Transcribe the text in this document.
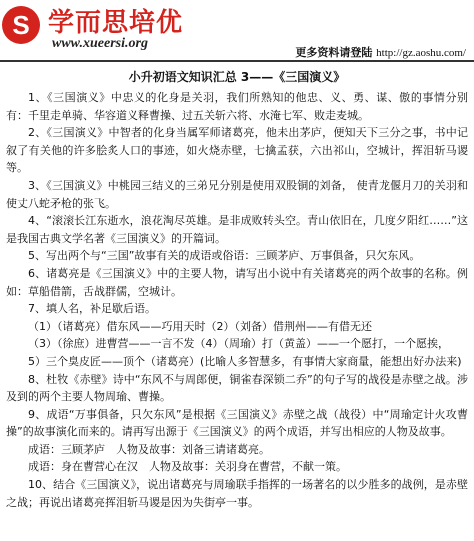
S 学而思培优
www.xueersi.org
更多资料请登陆 http://gz.aoshu.com/
小升初语文知识汇总 3——《三国演义》

1、《三国演义》中忠义的化身是关羽，我们所熟知的他忠、义、勇、谋、傲的事情分别有：千里走单骑、华容道义释曹操、过五关斩六将、水淹七军、败走麦城。

2、《三国演义》中智者的化身当属军师诸葛亮，他未出茅庐，便知天下三分之事，书中记叙了有关他的许多脍炙人口的事迹，如火烧赤壁，七擒孟获，六出祁山，空城计，挥泪斩马谡等。

3、《三国演义》中桃园三结义的三弟兄分别是使用双股铜的刘备， 使青龙偃月刀的关羽和使丈八蛇矛枪的张飞。

4、“滚滚长江东逝水，浪花淘尽英雄。是非成败转头空。青山依旧在，几度夕阳红……”这是我国古典文学名著《三国演义》的开篇词。

5、写出两个与“三国”故事有关的成语或俗语：三顾茅庐、万事俱备，只欠东风。

6、诸葛亮是《三国演义》中的主要人物，请写出小说中有关诸葛亮的两个故事的名称。例如：草船借箭，舌战群儒，空城计。

7、填人名，补足歇后语。

（1）（诸葛亮）借东风——巧用天时（2）（刘备）借荆州——有借无还

（3）（徐庶）进曹营——一言不发（4）（周瑜）打（黄盖）——一个愿打，一个愿挨，

5）三个臭皮匠——顶个（诸葛亮）(比喻人多智慧多，有事情大家商量，能想出好办法来)

8、杜牧《赤壁》诗中“东风不与周郎便，铜雀春深锁二乔”的句子写的战役是赤壁之战。涉及到的两个主要人物周瑜、曹操。

9、成语“万事俱备，只欠东风”是根据《三国演义》赤壁之战（战役）中“周瑜定计火攻曹操”的故事演化而来的。请再写出源于《三国演义》的两个成语，并写出相应的人物及故事。

成语：三顾茅庐　人物及故事：刘备三请诸葛亮。

成语：身在曹营心在汉　人物及故事：关羽身在曹营，不献一策。

10、结合《三国演义》，说出诸葛亮与周瑜联手指挥的一场著名的以少胜多的战例，是赤壁之战；再说出诸葛亮挥泪斩马谡是因为失街亭一事。
